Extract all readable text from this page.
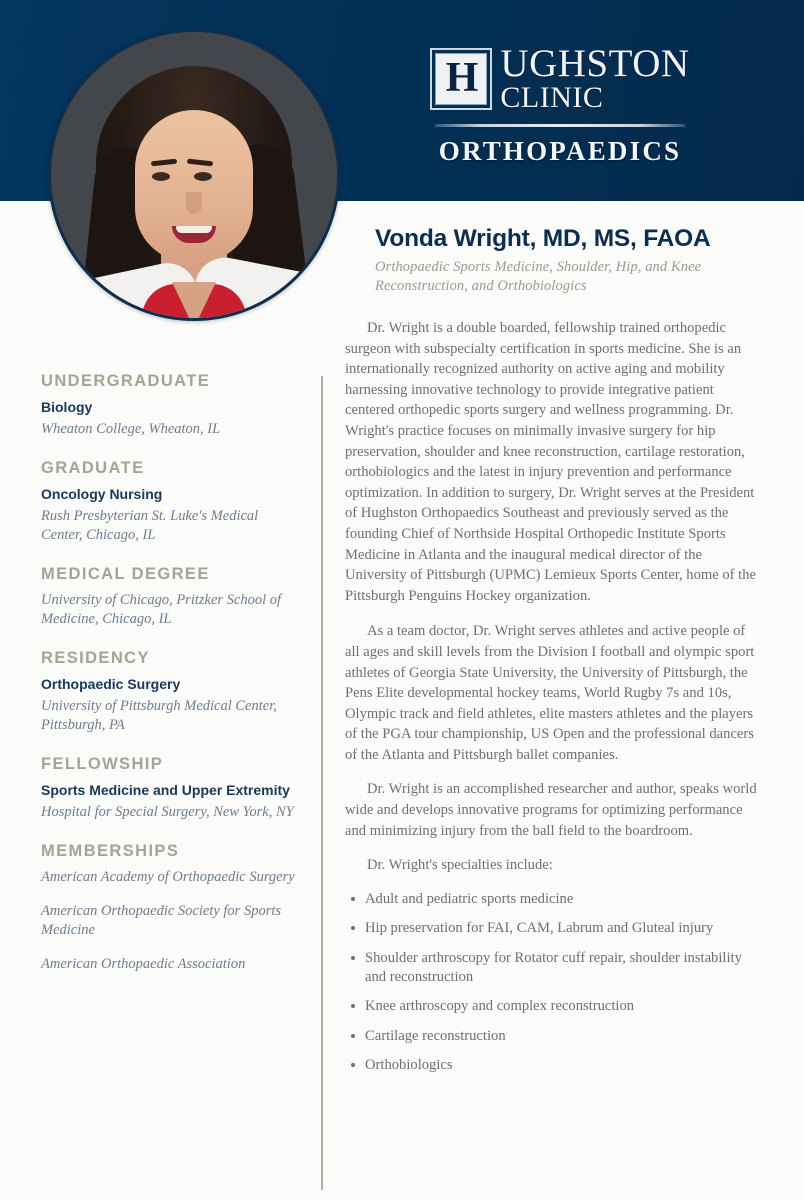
H UGHSTON
CLINIC
ORTHOPAEDICS
Vonda Wright, MD, MS, FAOA
Orthopaedic Sports Medicine, Shoulder, Hip, and Knee Reconstruction, and Orthobiologics
UNDERGRADUATE
Biology
Wheaton College, Wheaton, IL
GRADUATE
Oncology Nursing
Rush Presbyterian St. Luke's Medical Center, Chicago, IL
MEDICAL DEGREE
University of Chicago, Pritzker School of Medicine, Chicago, IL
RESIDENCY
Orthopaedic Surgery
University of Pittsburgh Medical Center, Pittsburgh, PA
FELLOWSHIP
Sports Medicine and Upper Extremity
Hospital for Special Surgery, New York, NY
MEMBERSHIPS
American Academy of Orthopaedic Surgery
American Orthopaedic Society for Sports Medicine
American Orthopaedic Association

Dr. Wright is a double boarded, fellowship trained orthopedic surgeon with subspecialty certification in sports medicine. She is an internationally recognized authority on active aging and mobility harnessing innovative technology to provide integrative patient centered orthopedic sports surgery and wellness programming. Dr. Wright's practice focuses on minimally invasive surgery for hip preservation, shoulder and knee reconstruction, cartilage restoration, orthobiologics and the latest in injury prevention and performance optimization. In addition to surgery, Dr. Wright serves at the President of Hughston Orthopaedics Southeast and previously served as the founding Chief of Northside Hospital Orthopedic Institute Sports Medicine in Atlanta and the inaugural medical director of the University of Pittsburgh (UPMC) Lemieux Sports Center, home of the Pittsburgh Penguins Hockey organization.

As a team doctor, Dr. Wright serves athletes and active people of all ages and skill levels from the Division I football and olympic sport athletes of Georgia State University, the University of Pittsburgh, the Pens Elite developmental hockey teams, World Rugby 7s and 10s, Olympic track and field athletes, elite masters athletes and the players of the PGA tour championship, US Open and the professional dancers of the Atlanta and Pittsburgh ballet companies.

Dr. Wright is an accomplished researcher and author, speaks world wide and develops innovative programs for optimizing performance and minimizing injury from the ball field to the boardroom.

Dr. Wright's specialties include:

Adult and pediatric sports medicine
Hip preservation for FAI, CAM, Labrum and Gluteal injury
Shoulder arthroscopy for Rotator cuff repair, shoulder instability and reconstruction
Knee arthroscopy and complex reconstruction
Cartilage reconstruction
Orthobiologics
